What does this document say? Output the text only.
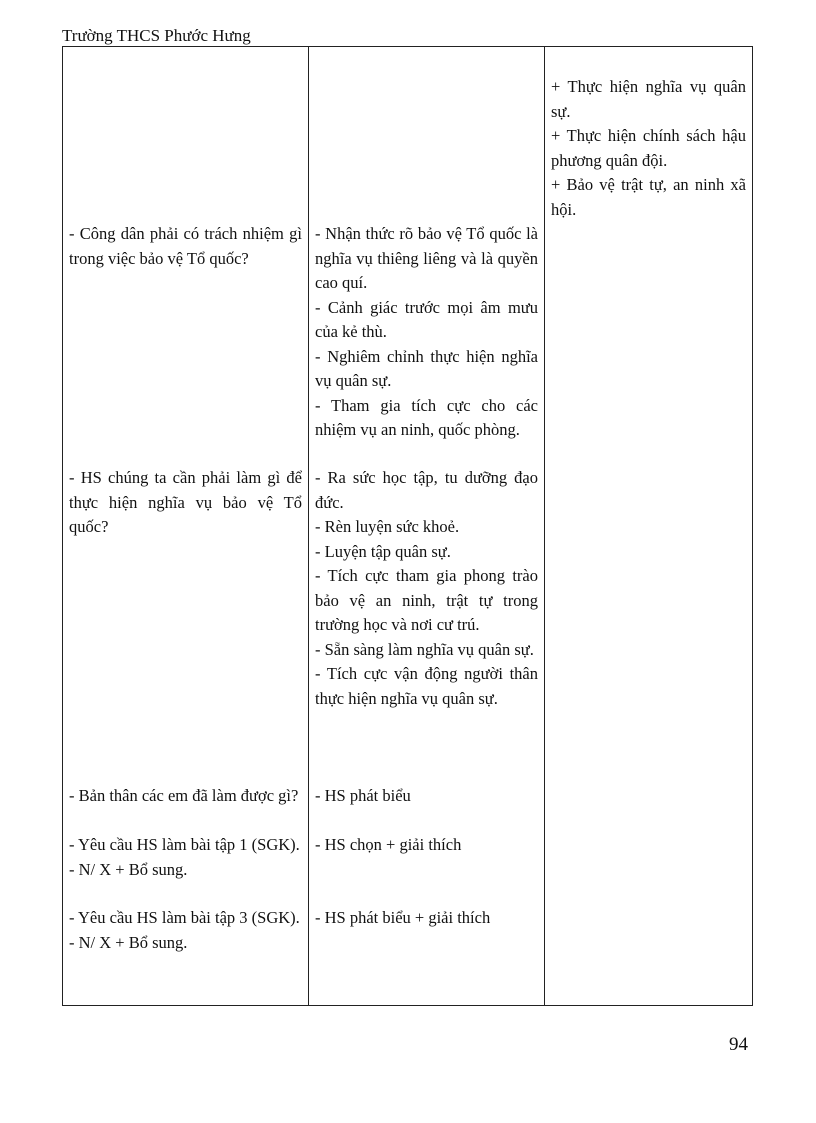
Trường THCS Phước Hưng

- Công dân phải có trách nhiệm gì trong việc bảo vệ Tổ quốc?

- HS chúng ta cần phải làm gì để thực hiện nghĩa vụ bảo vệ Tổ quốc?

- Bản thân các em đã làm được gì?

- Yêu cầu HS làm bài tập 1 (SGK).

- N/ X + Bổ sung.

- Yêu cầu HS làm bài tập 3 (SGK).

- N/ X + Bổ sung.

- Nhận thức rõ bảo vệ Tổ quốc là nghĩa vụ thiêng liêng và là quyền cao quí.

- Cảnh giác trước mọi âm mưu của kẻ thù.

- Nghiêm chỉnh thực hiện nghĩa vụ quân sự.

- Tham gia tích cực cho các nhiệm vụ an ninh, quốc phòng.

- Ra sức học tập, tu dưỡng đạo đức.

- Rèn luyện sức khoẻ.

- Luyện tập quân sự.

- Tích cực tham gia phong trào bảo vệ an ninh, trật tự trong trường học và nơi cư trú.

- Sẵn sàng làm nghĩa vụ quân sự.

- Tích cực vận động người thân thực hiện nghĩa vụ quân sự.

- HS phát biểu

- HS chọn + giải thích

- HS phát biểu + giải thích

+ Thực hiện nghĩa vụ quân sự.

+ Thực hiện chính sách hậu phương quân đội.

+ Bảo vệ trật tự, an ninh xã hội.

94
